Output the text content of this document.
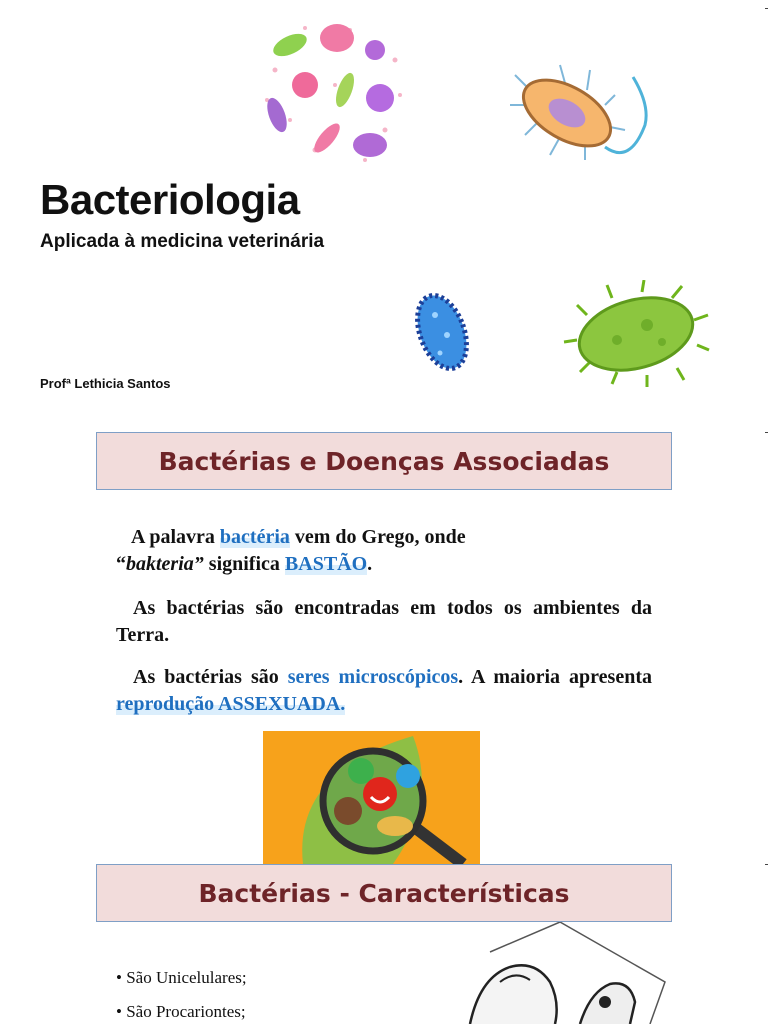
Bacteriologia
Aplicada à medicina veterinária
Profª Lethicia Santos
Bactérias e Doenças Associadas
A palavra bactéria vem do Grego, onde
“bakteria” significa BASTÃO.
As bactérias são encontradas em todos os ambientes da Terra.
As bactérias são seres microscópicos. A maioria apresenta reprodução ASSEXUADA.
Bactérias - Características
• São Unicelulares;
• São Procariontes;
